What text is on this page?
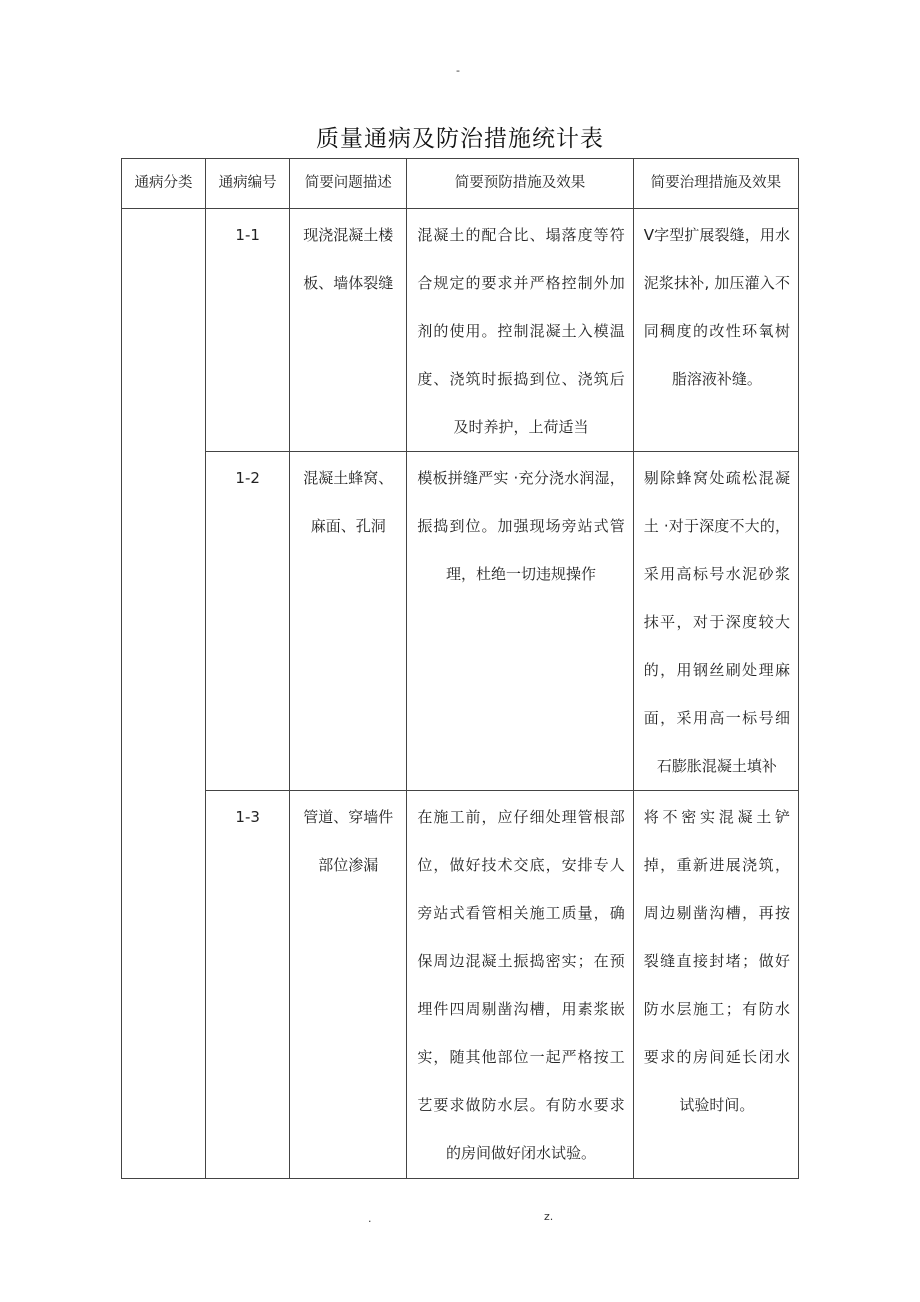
-
质量通病及防治措施统计表
通病分类	通病编号	简要问题描述	简要预防措施及效果	简要治理措施及效果
	1-1	现浇混凝土楼板、墙体裂缝	混凝土的配合比、塌落度等符合规定的要求并严格控制外加剂的使用。控制混凝土入模温度、浇筑时振捣到位、浇筑后及时养护，上荷适当	V字型扩展裂缝，用水泥浆抹补, 加压灌入不同稠度的改性环氧树脂溶液补缝。
	1-2	混凝土蜂窝、麻面、孔洞	模板拼缝严实 ·充分浇水润湿，振捣到位。加强现场旁站式管理，杜绝一切违规操作	剔除蜂窝处疏松混凝土 ·对于深度不大的，采用高标号水泥砂浆抹平，对于深度较大的，用钢丝刷处理麻面，采用高一标号细石膨胀混凝土填补
	1-3	管道、穿墙件部位渗漏	在施工前，应仔细处理管根部位，做好技术交底，安排专人旁站式看管相关施工质量，确保周边混凝土振捣密实；在预埋件四周剔凿沟槽，用素浆嵌实，随其他部位一起严格按工艺要求做防水层。有防水要求的房间做好闭水试验。	将不密实混凝土铲掉，重新进展浇筑，周边剔凿沟槽，再按裂缝直接封堵；做好防水层施工；有防水要求的房间延长闭水试验时间。
.	z.
